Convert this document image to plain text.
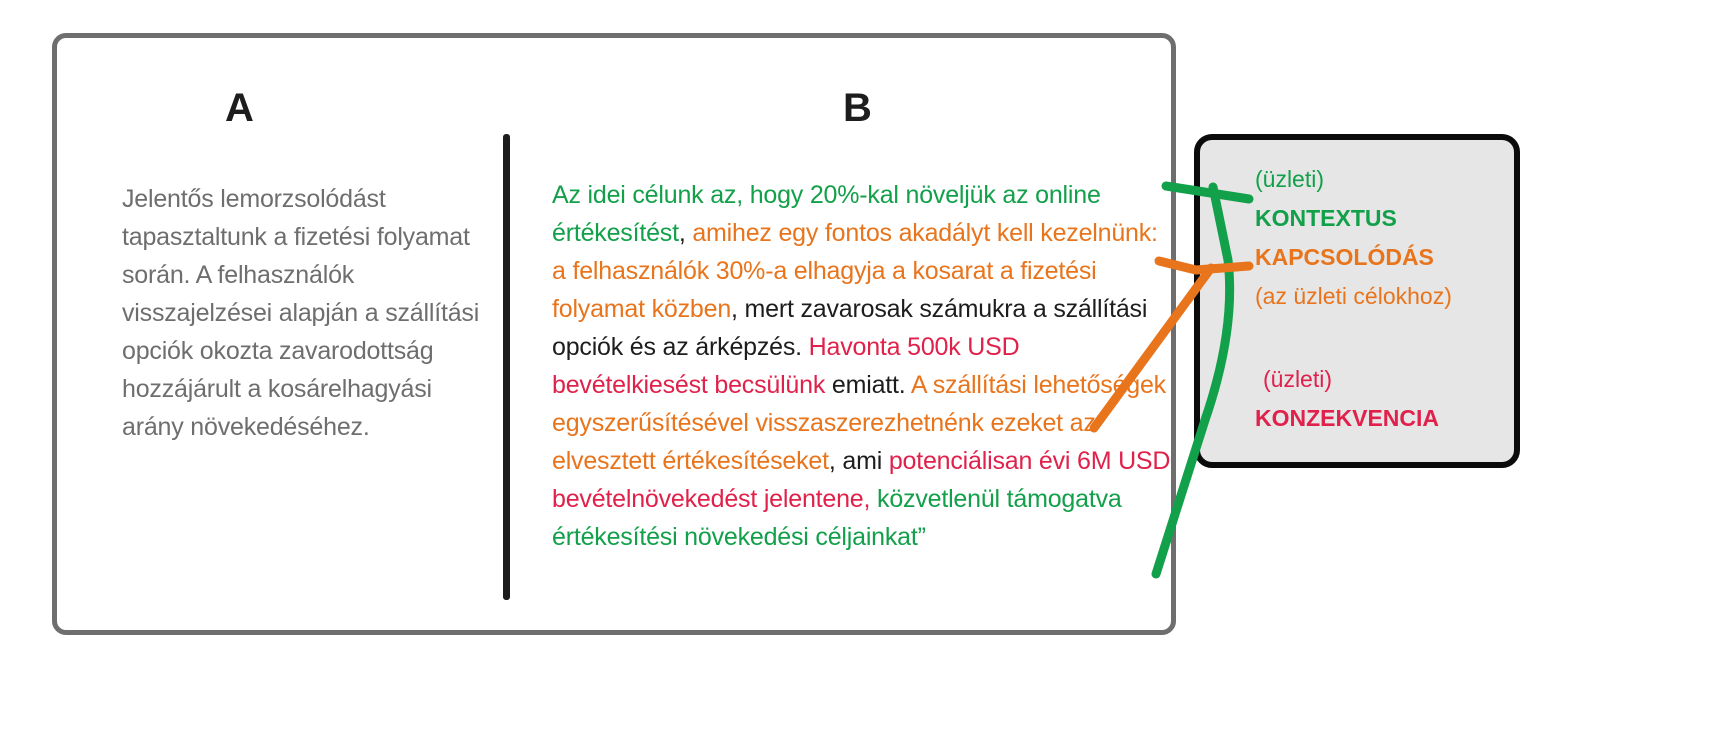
A	B
Jelentős lemorzsolódást tapasztaltunk a fizetési folyamat során. A felhasználók visszajelzései alapján a szállítási opciók okozta zavarodottság hozzájárult a kosárelhagyási arány növekedéséhez.
Az idei célunk az, hogy 20%-kal növeljük az online értékesítést, amihez egy fontos akadályt kell kezelnünk: a felhasználók 30%-a elhagyja a kosarat a fizetési folyamat közben, mert zavarosak számukra a szállítási opciók és az árképzés. Havonta 500k USD bevételkiesést becsülünk emiatt. A szállítási lehetőségek egyszerűsítésével visszaszerezhetnénk ezeket az elvesztett értékesítéseket, ami potenciálisan évi 6M USD bevételnövekedést jelentene, közvetlenül támogatva értékesítési növekedési céljainkat”
(üzleti)
KONTEXTUS
KAPCSOLÓDÁS
(az üzleti célokhoz)
(üzleti)
KONZEKVENCIA
